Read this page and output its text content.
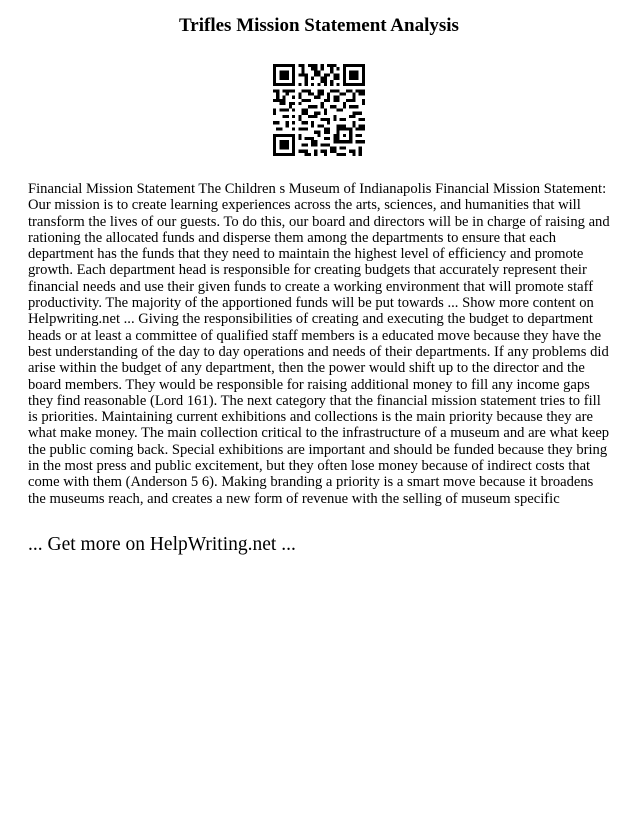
Trifles Mission Statement Analysis

Financial Mission Statement The Children s Museum of Indianapolis Financial Mission Statement: Our mission is to create learning experiences across the arts, sciences, and humanities that will transform the lives of our guests. To do this, our board and directors will be in charge of raising and rationing the allocated funds and disperse them among the departments to ensure that each department has the funds that they need to maintain the highest level of efficiency and promote growth. Each department head is responsible for creating budgets that accurately represent their financial needs and use their given funds to create a working environment that will promote staff productivity. The majority of the apportioned funds will be put towards ... Show more content on Helpwriting.net ... Giving the responsibilities of creating and executing the budget to department heads or at least a committee of qualified staff members is a educated move because they have the best understanding of the day to day operations and needs of their departments. If any problems did arise within the budget of any department, then the power would shift up to the director and the board members. They would be responsible for raising additional money to fill any income gaps they find reasonable (Lord 161). The next category that the financial mission statement tries to fill is priorities. Maintaining current exhibitions and collections is the main priority because they are what make money. The main collection critical to the infrastructure of a museum and are what keep the public coming back. Special exhibitions are important and should be funded because they bring in the most press and public excitement, but they often lose money because of indirect costs that come with them (Anderson 5 6). Making branding a priority is a smart move because it broadens the museums reach, and creates a new form of revenue with the selling of museum specific

... Get more on HelpWriting.net ...
